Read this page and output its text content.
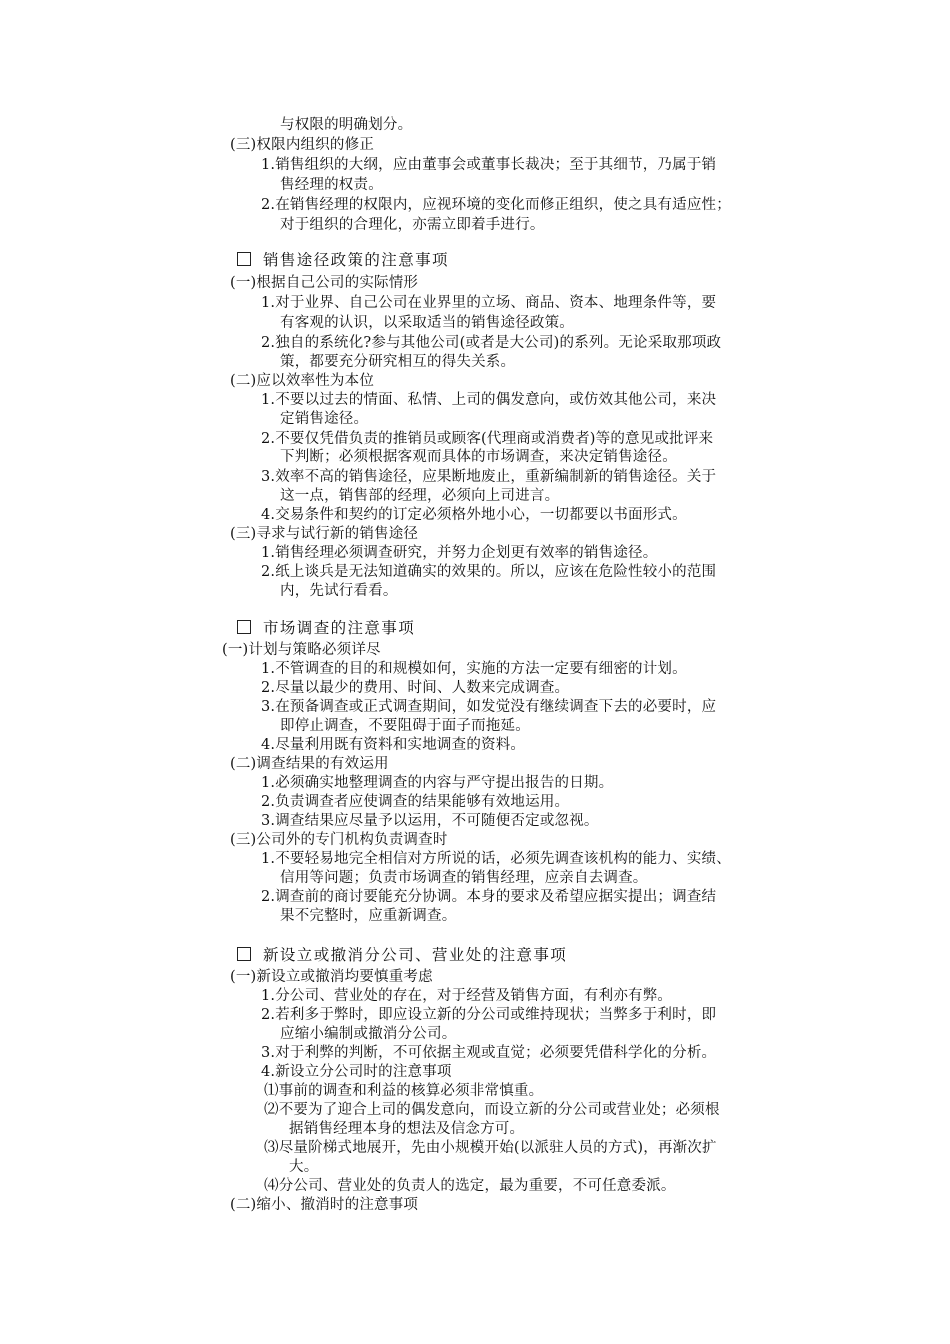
与权限的明确划分。
(三)权限内组织的修正
1.销售组织的大纲，应由董事会或董事长裁决；至于其细节，乃属于销
售经理的权责。
2.在销售经理的权限内，应视环境的变化而修正组织，使之具有适应性；
对于组织的合理化，亦需立即着手进行。
销售途径政策的注意事项
(一)根据自己公司的实际情形
1.对于业界、自己公司在业界里的立场、商品、资本、地理条件等，要
有客观的认识，以采取适当的销售途径政策。
2.独自的系统化?参与其他公司(或者是大公司)的系列。无论采取那项政
策，都要充分研究相互的得失关系。
(二)应以效率性为本位
1.不要以过去的情面、私情、上司的偶发意向，或仿效其他公司，来决
定销售途径。
2.不要仅凭借负责的推销员或顾客(代理商或消费者)等的意见或批评来
下判断；必须根据客观而具体的市场调查，来决定销售途径。
3.效率不高的销售途径，应果断地废止，重新编制新的销售途径。关于
这一点，销售部的经理，必须向上司进言。
4.交易条件和契约的订定必须格外地小心，一切都要以书面形式。
(三)寻求与试行新的销售途径
1.销售经理必须调查研究，并努力企划更有效率的销售途径。
2.纸上谈兵是无法知道确实的效果的。所以，应该在危险性较小的范围
内，先试行看看。
市场调查的注意事项
(一)计划与策略必须详尽
1.不管调查的目的和规模如何，实施的方法一定要有细密的计划。
2.尽量以最少的费用、时间、人数来完成调查。
3.在预备调查或正式调查期间，如发觉没有继续调查下去的必要时，应
即停止调查，不要阻碍于面子而拖延。
4.尽量利用既有资料和实地调查的资料。
(二)调查结果的有效运用
1.必须确实地整理调查的内容与严守提出报告的日期。
2.负责调查者应使调查的结果能够有效地运用。
3.调查结果应尽量予以运用，不可随便否定或忽视。
(三)公司外的专门机构负责调查时
1.不要轻易地完全相信对方所说的话，必须先调查该机构的能力、实绩、
信用等问题；负责市场调查的销售经理，应亲自去调查。
2.调查前的商讨要能充分协调。本身的要求及希望应据实提出；调查结
果不完整时，应重新调查。
新设立或撤消分公司、营业处的注意事项
(一)新设立或撤消均要慎重考虑
1.分公司、营业处的存在，对于经营及销售方面，有利亦有弊。
2.若利多于弊时，即应设立新的分公司或维持现状；当弊多于利时，即
应缩小编制或撤消分公司。
3.对于利弊的判断，不可依据主观或直觉；必须要凭借科学化的分析。
4.新设立分公司时的注意事项
⑴事前的调查和利益的核算必须非常慎重。
⑵不要为了迎合上司的偶发意向，而设立新的分公司或营业处；必须根
据销售经理本身的想法及信念方可。
⑶尽量阶梯式地展开，先由小规模开始(以派驻人员的方式)，再渐次扩
大。
⑷分公司、营业处的负责人的选定，最为重要，不可任意委派。
(二)缩小、撤消时的注意事项
